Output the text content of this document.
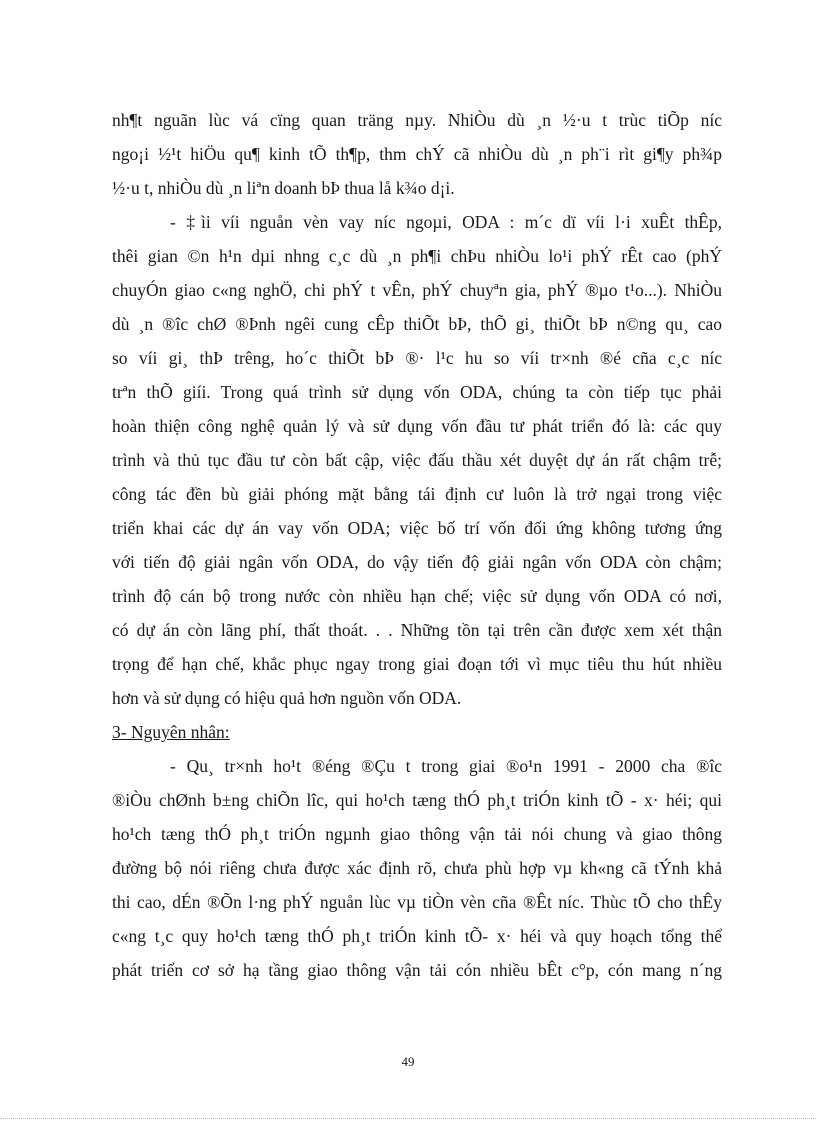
nh¶t nguãn lùc vá cïng quan träng nµy. NhiÒu dù ¸n ½·u t trùc tiÕp níc
ngo¡i ½¹t hiÖu qu¶ kinh tÕ th¶p, thm chÝ cã nhiÒu dù ¸n ph¨i rìt gi¶y ph¾p
½·u t, nhiÒu dù ¸n liªn doanh bÞ thua lå k¾o d¡i.
- ‡ìi víi nguån vèn vay níc ngoµi, ODA : m´c dï víi l·i xuÊt thÊp,
thêi gian ©n h¹n dµi nhng c¸c dù ¸n ph¶i chÞu nhiÒu lo¹i phÝ rÊt cao (phÝ
chuyÓn giao c«ng nghÖ, chi phÝ t vÊn, phÝ chuyªn gia, phÝ ®µo t¹o...). NhiÒu
dù ¸n ®îc chØ ®Þnh ngêi cung cÊp thiÕt bÞ, thÕ gi¸ thiÕt bÞ n©ng qu¸ cao
so víi gi¸ thÞ trêng, ho´c thiÕt bÞ ®· l¹c hu so víi tr×nh ®é cña c¸c níc
trªn thÕ giíi. Trong quá trình sử dụng vốn ODA, chúng ta còn tiếp tục phải
hoàn thiện công nghệ quản lý và sử dụng vốn đầu tư phát triển đó là: các quy
trình và thủ tục đầu tư còn bất cập, việc đấu thầu xét duyệt dự án rất chậm trễ;
công tác đền bù giải phóng mặt bằng tái định cư luôn là trở ngại trong việc
triển khai các dự án vay vốn ODA; việc bố trí vốn đối ứng không tương ứng
với tiến độ giải ngân vốn ODA, do vậy tiến độ giải ngân vốn ODA còn chậm;
trình độ cán bộ trong nước còn nhiều hạn chế; việc sử dụng vốn ODA có nơi,
có dự án còn lãng phí, thất thoát. . . Những tồn tại trên cần được xem xét thận
trọng để hạn chế, khắc phục ngay trong giai đoạn tới vì mục tiêu thu hút nhiều
hơn và sử dụng có hiệu quả hơn nguồn vốn ODA.
3- Nguyên nhân:
- Qu¸ tr×nh ho¹t ®éng ®Çu t trong giai ®o¹n 1991 - 2000 cha ®îc
®iÒu chØnh b±ng chiÕn lîc, qui ho¹ch tæng thÓ ph¸t triÓn kinh tÕ - x· héi; qui
ho¹ch tæng thÓ ph¸t triÓn ngµnh giao thông vận tải nói chung và giao thông
đường bộ nói riêng chưa được xác định rõ, chưa phù hợp vµ kh«ng cã tÝnh khả
thi cao, dÉn ®Õn l·ng phÝ nguån lùc vµ tiÒn vèn cña ®Êt níc. Thùc tÕ cho thÊy
c«ng t¸c quy ho¹ch tæng thÓ ph¸t triÓn kinh tÕ- x· héi và quy hoạch tổng thể
phát triển cơ sở hạ tầng giao thông vận tải cón nhiều bÊt c°p, cón mang n´ng
49
